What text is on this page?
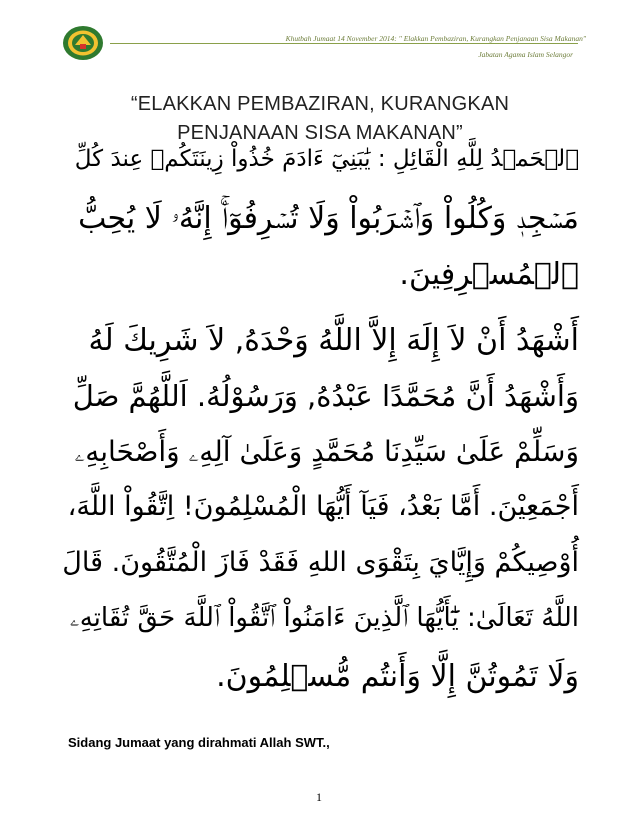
Khutbah Jumaat 14 November 2014: " Elakkan Pembaziran, Kurangkan Penjanaan Sisa Makanan"
Jabatan Agama Islam Selangor
“ELAKKAN PEMBAZIRAN, KURANGKAN
PENJANAAN SISA MAKANAN”
ٱلۡحَمۡدُ لِلَّهِ الْقَائِلِ : يَٰبَنِيٓ ءَادَمَ خُذُواْ زِينَتَكُمۡ عِندَ كُلِّ
مَسۡجِدٖ وَكُلُواْ وَٱشۡرَبُواْ وَلَا تُسۡرِفُوٓاْۚ إِنَّهُۥ لَا يُحِبُّ
ٱلۡمُسۡرِفِينَ.
أَشْهَدُ أَنْ لاَ إِلَهَ إِلاَّ اللَّهُ وَحْدَهُ, لاَ شَرِيكَ لَهُ
وَأَشْهَدُ أَنَّ مُحَمَّدًا عَبْدُهُ, وَرَسُوْلُهُ. اَللَّهُمَّ صَلِّ
وَسَلِّمْ عَلَىٰ سَيِّدِنَا مُحَمَّدٍ وَعَلَىٰ آلِهِۦ وَأَصْحَابِهِۦ
أَجْمَعِيْنَ. أَمَّا بَعْدُ، فَيَآ أَيُّهَا الْمُسْلِمُونَ! اِتَّقُواْ اللَّهَ،
أُوْصِيكُمْ وَإِيَّايَ بِتَقْوَى اللهِ فَقَدْ فَازَ الْمُتَّقُونَ. قَالَ
اللَّهُ تَعَالَىٰ: يَٰٓأَيُّهَا ٱلَّذِينَ ءَامَنُواْ ٱتَّقُواْ ٱللَّهَ حَقَّ تُقَاتِهِۦ
وَلَا تَمُوتُنَّ إِلَّا وَأَنتُم مُّسۡلِمُونَ.
Sidang Jumaat yang dirahmati Allah SWT.,
1
